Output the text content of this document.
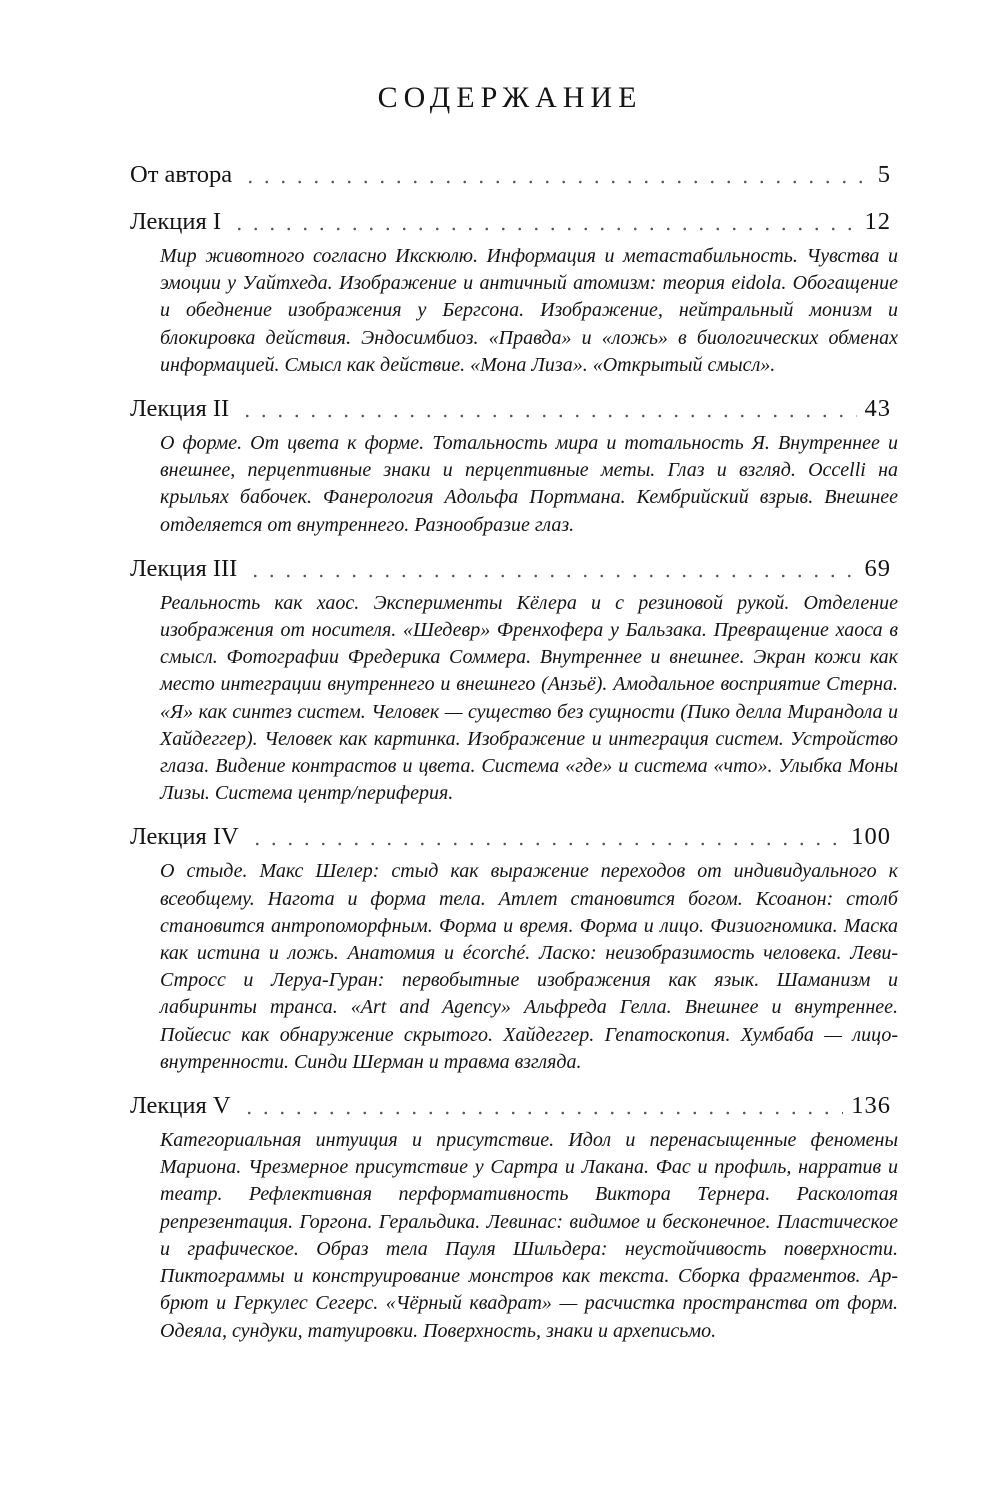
СОДЕРЖАНИЕ
От автора	5
Лекция I	12
Мир животного согласно Икскюлю. Информация и метастабильность. Чувства и эмоции у Уайтхеда. Изображение и античный атомизм: теория eidola. Обогащение и обеднение изображения у Бергсона. Изображение, нейтральный монизм и блокировка действия. Эндосимбиоз. «Правда» и «ложь» в биологических обменах информацией. Смысл как действие. «Мона Лиза». «Открытый смысл».
Лекция II	43
О форме. От цвета к форме. Тотальность мира и тотальность Я. Внутреннее и внешнее, перцептивные знаки и перцептивные меты. Глаз и взгляд. Occelli на крыльях бабочек. Фанерология Адольфа Портмана. Кембрийский взрыв. Внешнее отделяется от внутреннего. Разнообразие глаз.
Лекция III	69
Реальность как хаос. Эксперименты Кёлера и с резиновой рукой. Отделение изображения от носителя. «Шедевр» Френхофера у Бальзака. Превращение хаоса в смысл. Фотографии Фредерика Соммера. Внутреннее и внешнее. Экран кожи как место интеграции внутреннего и внешнего (Анзьё). Амодальное восприятие Стерна. «Я» как синтез систем. Человек — существо без сущности (Пико делла Мирандола и Хайдеггер). Человек как картинка. Изображение и интеграция систем. Устройство глаза. Видение контрастов и цвета. Система «где» и система «что». Улыбка Моны Лизы. Система центр/периферия.
Лекция IV	100
О стыде. Макс Шелер: стыд как выражение переходов от индивидуального к всеобщему. Нагота и форма тела. Атлет становится богом. Ксоанон: столб становится антропоморфным. Форма и время. Форма и лицо. Физиогномика. Маска как истина и ложь. Анатомия и écorché. Ласко: неизобразимость человека. Леви-Стросс и Леруа-Гуран: первобытные изображения как язык. Шаманизм и лабиринты транса. «Art and Agency» Альфреда Гелла. Внешнее и внутреннее. Пойесис как обнаружение скрытого. Хайдеггер. Гепатоскопия. Хумбаба — лицо-внутренности. Синди Шерман и травма взгляда.
Лекция V	136
Категориальная интуиция и присутствие. Идол и перенасыщенные феномены Мариона. Чрезмерное присутствие у Сартра и Лакана. Фас и профиль, нарратив и театр. Рефлективная перформативность Виктора Тернера. Расколотая репрезентация. Горгона. Геральдика. Левинас: видимое и бесконечное. Пластическое и графическое. Образ тела Пауля Шильдера: неустойчивость поверхности. Пиктограммы и конструирование монстров как текста. Сборка фрагментов. Ар-брют и Геркулес Сегерс. «Чёрный квадрат» — расчистка пространства от форм. Одеяла, сундуки, татуировки. Поверхность, знаки и археписьмо.
